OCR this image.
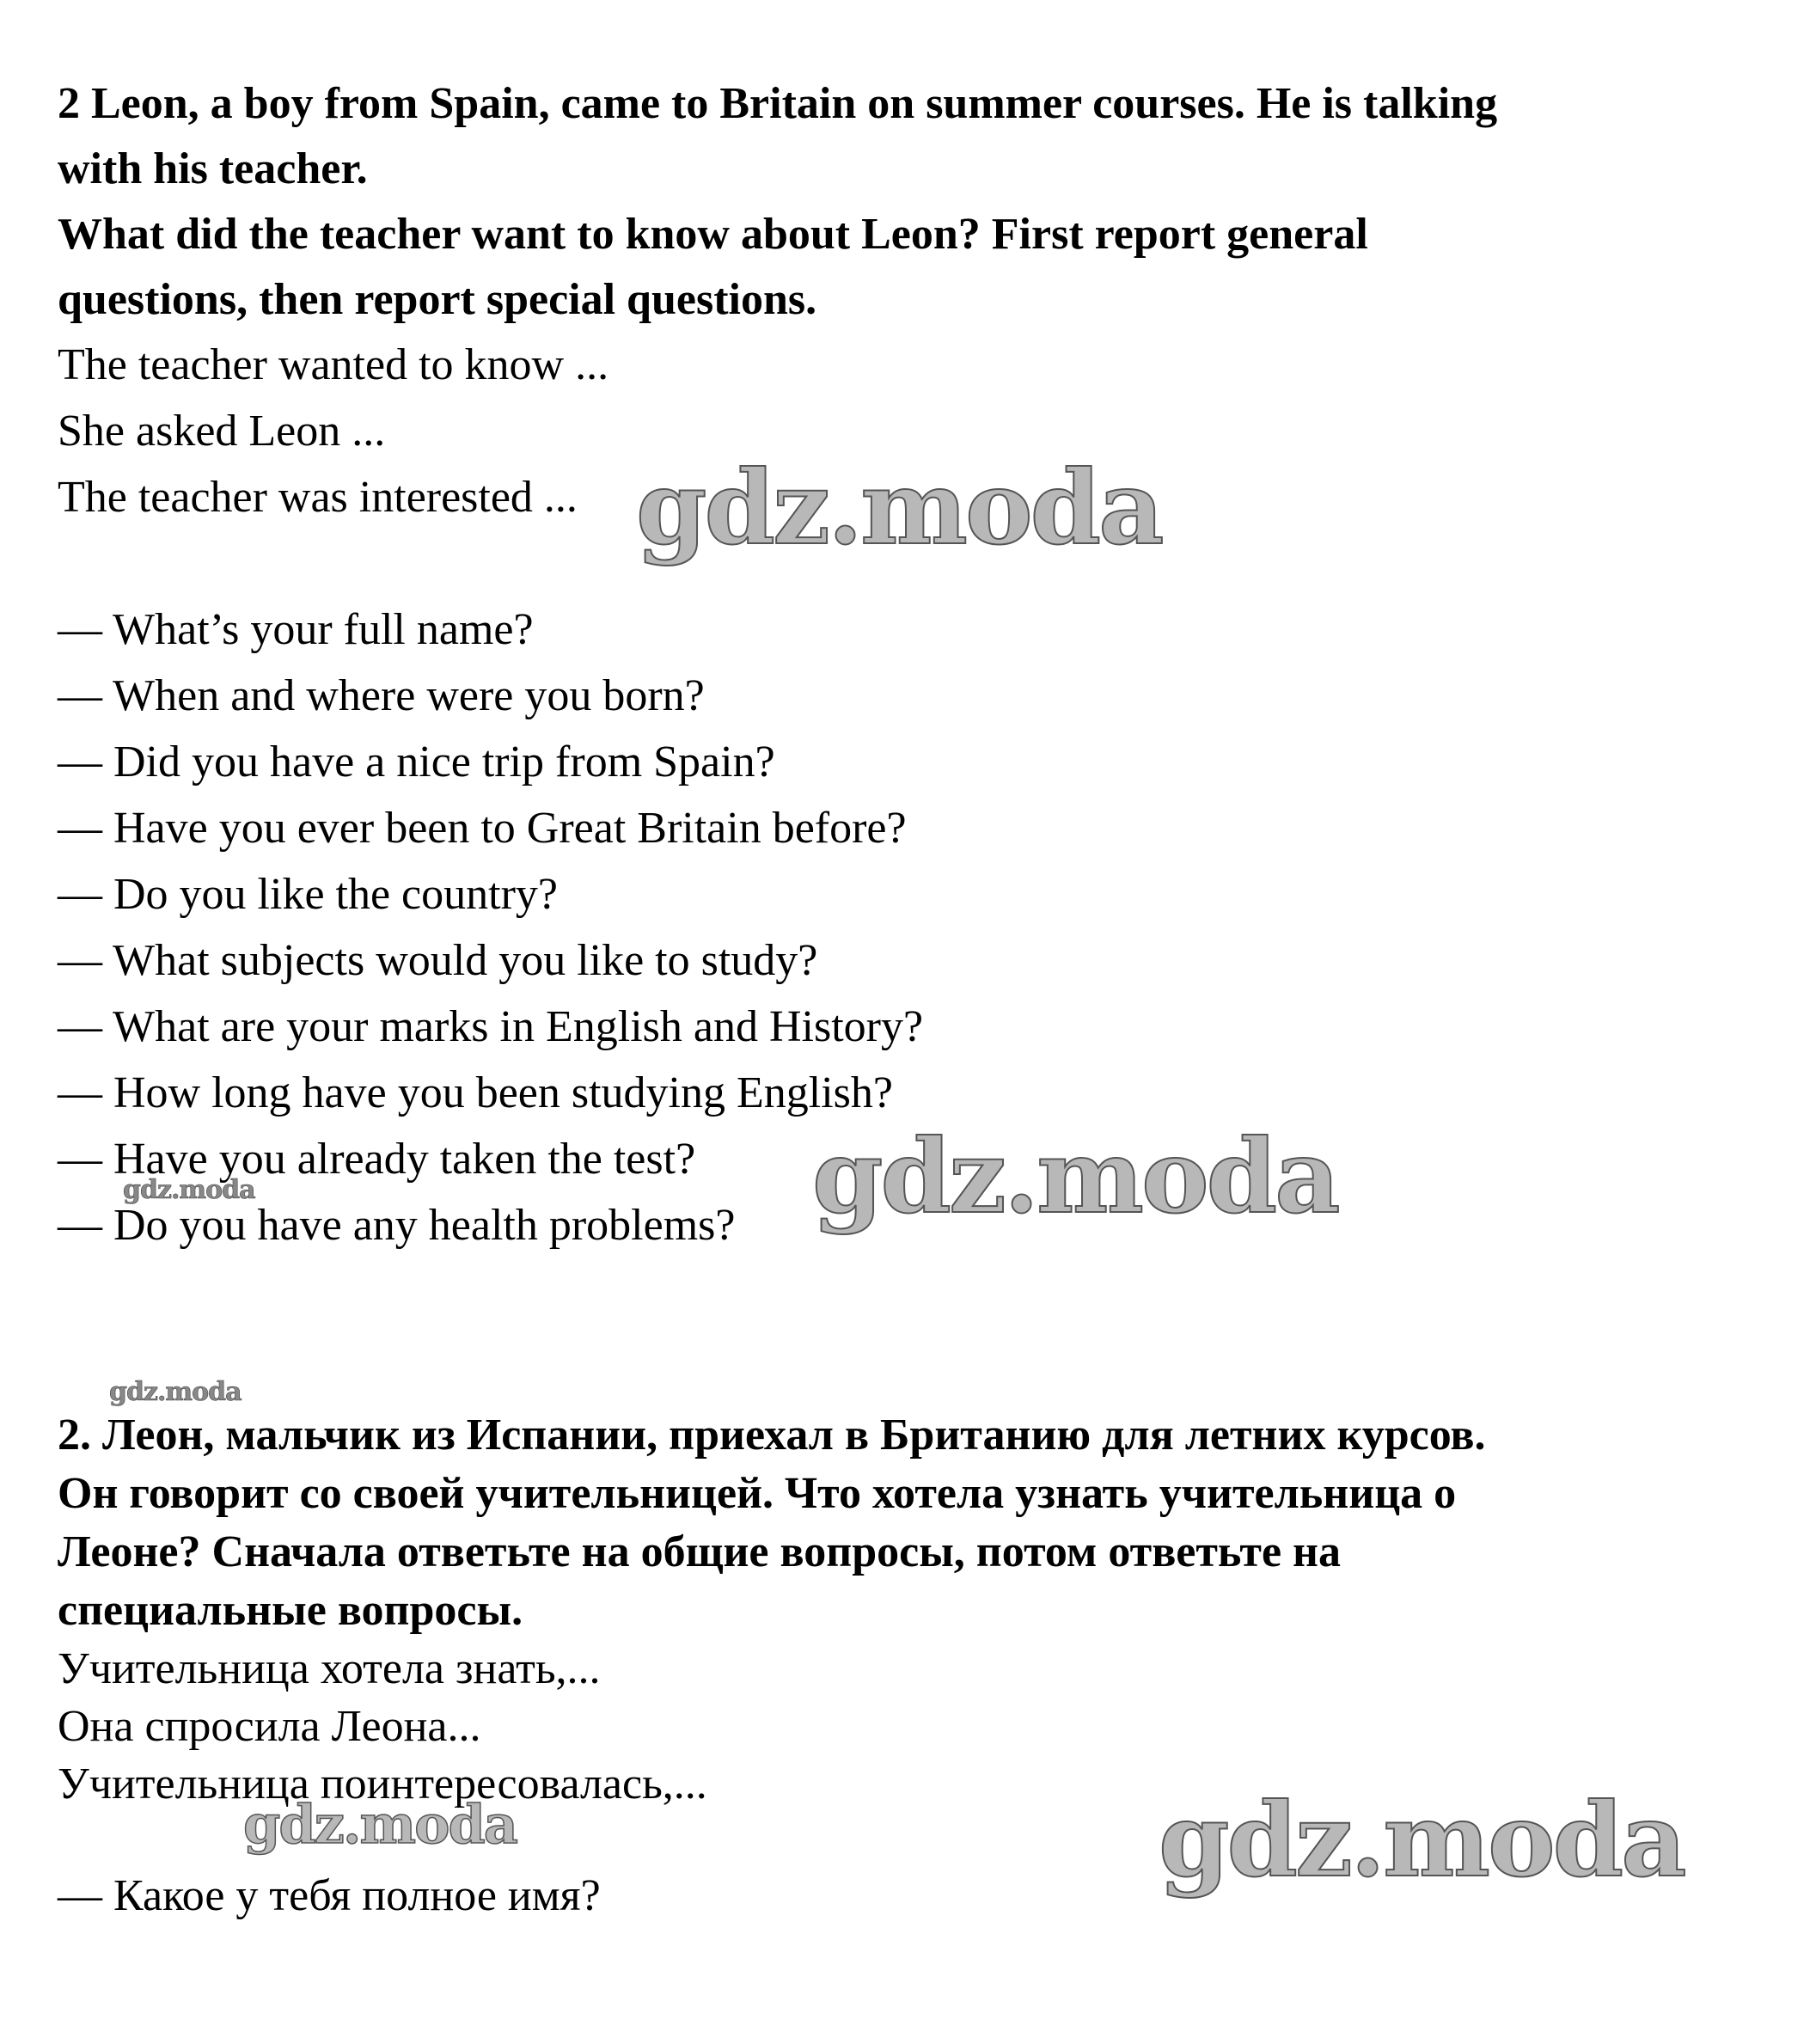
2 Leon, a boy from Spain, came to Britain on summer courses. He is talking
with his teacher.
What did the teacher want to know about Leon? First report general
questions, then report special questions.
The teacher wanted to know ...
She asked Leon ...
The teacher was interested ...
— What’s your full name?
— When and where were you born?
— Did you have a nice trip from Spain?
— Have you ever been to Great Britain before?
— Do you like the country?
— What subjects would you like to study?
— What are your marks in English and History?
— How long have you been studying English?
— Have you already taken the test?
— Do you have any health problems?
2. Леон, мальчик из Испании, приехал в Британию для летних курсов.
Он говорит со своей учительницей. Что хотела узнать учительница о
Леоне? Сначала ответьте на общие вопросы, потом ответьте на
специальные вопросы.
Учительница хотела знать,...
Она спросила Леона...
Учительница поинтересовалась,...
— Какое у тебя полное имя?
gdz.moda
gdz.moda
gdz.moda
gdz.moda
gdz.moda	gdz.moda
